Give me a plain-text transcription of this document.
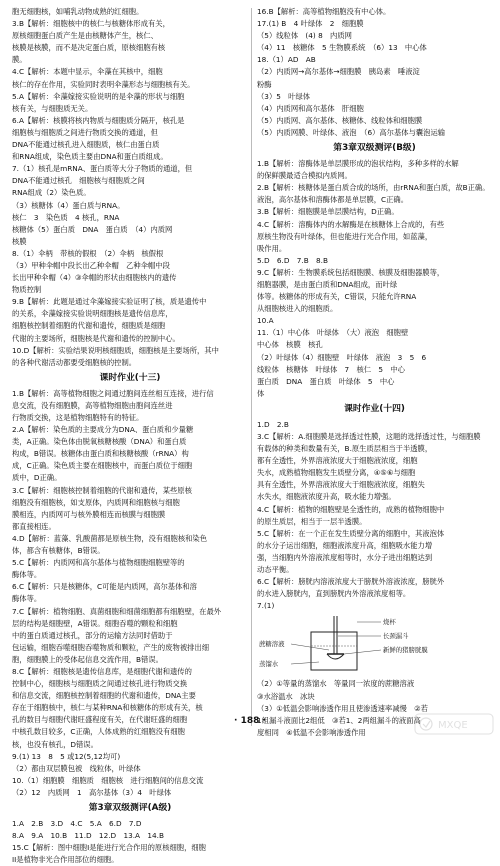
胞无细胞核，如哺乳动物成熟的红细胞。
3.B【解析：细胞核中的核仁与核糖体形成有关，
原核细胞蛋白质产生是由核糖体产生，核仁、
核膜是核膜，而不是决定蛋白质，原核细胞有核
膜。
4.C【解析：本题中显示，伞藻在其核中，细胞
核仁的存在作用，实验同时表明伞藻形态与细胞核有关。
5.A【解析：伞藻嫁接实验说明的是伞藻的形状与细胞
核有关，与细胞质无关。
6.A【解析：核膜将核内物质与细胞质分隔开，核孔是
细胞核与细胞质之间进行物质交换的通道，但
DNA不能通过核孔进入细胞质，核仁由蛋白质
和RNA组成，染色质主要由DNA和蛋白质组成。
7.（1）核孔是mRNA、蛋白质等大分子物质的通道，但
DNA不能通过核孔　细胞核与细胞质之间
RNA组成（2）染色质。
（3）核糖体（4）蛋白质与RNA。
核仁　3　染色质　4 核孔，RNA
核糖体（5）蛋白质　DNA　蛋白质　（4）内质网
核膜
8.（1）伞柄　带核的假根　（2）伞柄　核假根
（3）甲种伞帽中段长出乙种伞帽　乙种伞帽中段
长出甲种伞帽（4）③伞帽的形状由细胞核内的遗传
物质控制
9.B【解析：此题是通过伞藻嫁接实验证明了核，质是遗传中
的关系，伞藻嫁接实验说明细胞核是遗传信息库，
细胞核控制着细胞的代谢和遗传，细胞质是细胞
代谢的主要场所，细胞核是代谢和遗传的控制中心。
10.D【解析：实验结果说明核细胞质，细胞核是主要场所，其中
的各种代谢活动都要受细胞核的控制。
课时作业(十三)
1.B【解析：高等植物细胞之间通过胞间连丝相互连接，进行信
息交流，没有细胞膜，高等植物细胞由胞间连丝进
行物质交换，这是植物细胞特有的特征。
2.A【解析：染色质的主要成分为DNA、蛋白质和少量糖
类，A正确。染色体由脱氧核糖核酸（DNA）和蛋白质
构成，B错误。核糖体由蛋白质和核糖核酸（rRNA）构
成，C正确。染色质主要在细胞核中，而蛋白质位于细胞
质中，D正确。
3.C【解析：细胞核控制着细胞的代谢和遗传，某些原核
细胞没有细胞核，如支原体，内质网和细胞核与细胞
膜相连，内质网可与核外膜相连而核膜与细胞膜
都直接相连。
4.D【解析：蓝藻、乳酸菌都是原核生物，没有细胞核和染色
体，都含有核糖体，B错误。
5.C【解析：内质网和高尔基体与植物细胞细胞壁等的
酶体等。
6.C【解析：只是核糖体，C可能是内质网，高尔基体和溶
酶体等。
7.C【解析：植物细胞、真菌细胞和细菌细胞都有细胞壁，在最外
层的结构是细胞壁，A错误。细胞吞噬的颗粒和细胞
中的蛋白质通过核孔，部分的运输方法同时借助于
包运输，细胞吞噬细胞吞噬物质和颗粒，产生的废物被排出细
胞，细胞膜上的受体起信息交流作用，B错误。
8.C【解析：细胞核是遗传信息库，是细胞代谢和遗传的
控制中心，细胞核与细胞质之间通过核孔进行物质交换
和信息交流，细胞核控制着细胞的代谢和遗传，DNA主要
存在于细胞核中，核仁与某种RNA和核糖体的形成有关，核
孔的数目与细胞代谢旺盛程度有关，在代谢旺盛的细胞
中核孔数目较多，C正确，人体成熟的红细胞没有细胞
核，也没有核孔，D错误。
9.(1) 13　8　5 或12(5,12均可)
（2）都由双层膜包被　线粒体，叶绿体
10.（1）细胞膜　细胞质　细胞核　进行细胞间的信息交流
（2）12　内质网　1　高尔基体（3）4　叶绿体
第3章双级测评(A级)
1.A　2.B　3.D　4.C　5.A　6.D　7.D
8.A　9.A　10.B　11.D　12.D　13.A　14.B
15.C【解析：图中细胞I是能进行光合作用的原核细胞，细胞
II是植物非光合作用部位的细胞。
16.B【解析：高等植物细胞没有中心体。
17.(1) B　4 叶绿体　2　细胞膜
（5）线粒体　(4) 8　内质网
（4）11　核糖体　5 生物膜系统　（6）13　中心体
18.（1）AD　AB
（2）内质网→高尔基体→细胞膜　胰岛素　唾液淀
粉酶
（3）5　叶绿体
（4）内质网和高尔基体　肝细胞
（5）内质网、高尔基体、核糖体、线粒体和细胞膜
（5）内质网膜、叶绿体、液泡　（6）高尔基体与囊泡运输
第3章双级测评(B级)
1.B【解析：溶酶体是单层膜形成的泡状结构，多种多样的水解
的保鲜膜最适合模拟内质网。
2.B【解析：核糖体是蛋白质合成的场所，由rRNA和蛋白质，故B正确。
液泡，高尔基体和溶酶体都是单层膜，C正确。
3.B【解析：细胞膜是单层膜结构，D正确。
4.C【解析：溶酶体内的水解酶是在核糖体上合成的，有些
原核生物没有叶绿体，但也能进行光合作用，如蓝藻，
吸作用。
5.D　6.D　7.B　8.B
9.C【解析：生物膜系统包括细胞膜、核膜及细胞器膜等，
细胞器膜，是由蛋白质和DNA组成，而叶绿
体等。核糖体的形成有关，C错误，只能允许RNA
从细胞核进入的细胞质。
10.A
11.（1）中心体　叶绿体　（大）液泡　细胞壁
中心体　核膜　核孔
（2）叶绿体（4）细胞壁　叶绿体　液泡　3　5　6
线粒体　核糖体　叶绿体　7　核仁　5　中心
蛋白质　DNA　蛋白质　叶绿体　5　中心
体
课时作业(十四)
1.D　2.B
3.C【解析：A.细胞膜是选择透过性膜，这题的选择透过性，与细胞膜
有载体的种类和数量有关，B.原生质层相当于半透膜，
都有全透性，外界溶液浓度大于细胞液浓度，细胞
失水，成熟植物细胞发生质壁分离，④⑤⑥与细胞
具有全透性，外界溶液浓度大于细胞液浓度，细胞失
水失水，细胞液浓度升高，吸水能力增强。
4.C【解析：植物的细胞壁是全透性的，成熟的植物细胞中
的原生质层，相当于一层半透膜。
5.C【解析：在一个正在发生质壁分离的细胞中，其液泡体
的水分子运出细胞，细胞液浓度升高，细胞吸水能力增
强，当细胞内外溶液浓度相等时，水分子进出细胞达到
动态平衡。
6.C【解析：膀胱内溶液浓度大于膀胱外溶液浓度，膀胱外
的水进入膀胱内，直到膀胱内外溶液浓度相等。
7.(1)
烧杯
蔗糖溶液
长颈漏斗
蒸馏水
新鲜的猪膀胱膜
（2）①等量的蒸馏水　等量同一浓度的蔗糖溶液
③水浴温水　冰块
（3）①低温会影响渗透作用且使渗透速率减慢　②若
1组漏斗液面比2组低　③若1、2两组漏斗的液面高
度相同　④低温不会影响渗透作用
· 188 ·	MXQE
